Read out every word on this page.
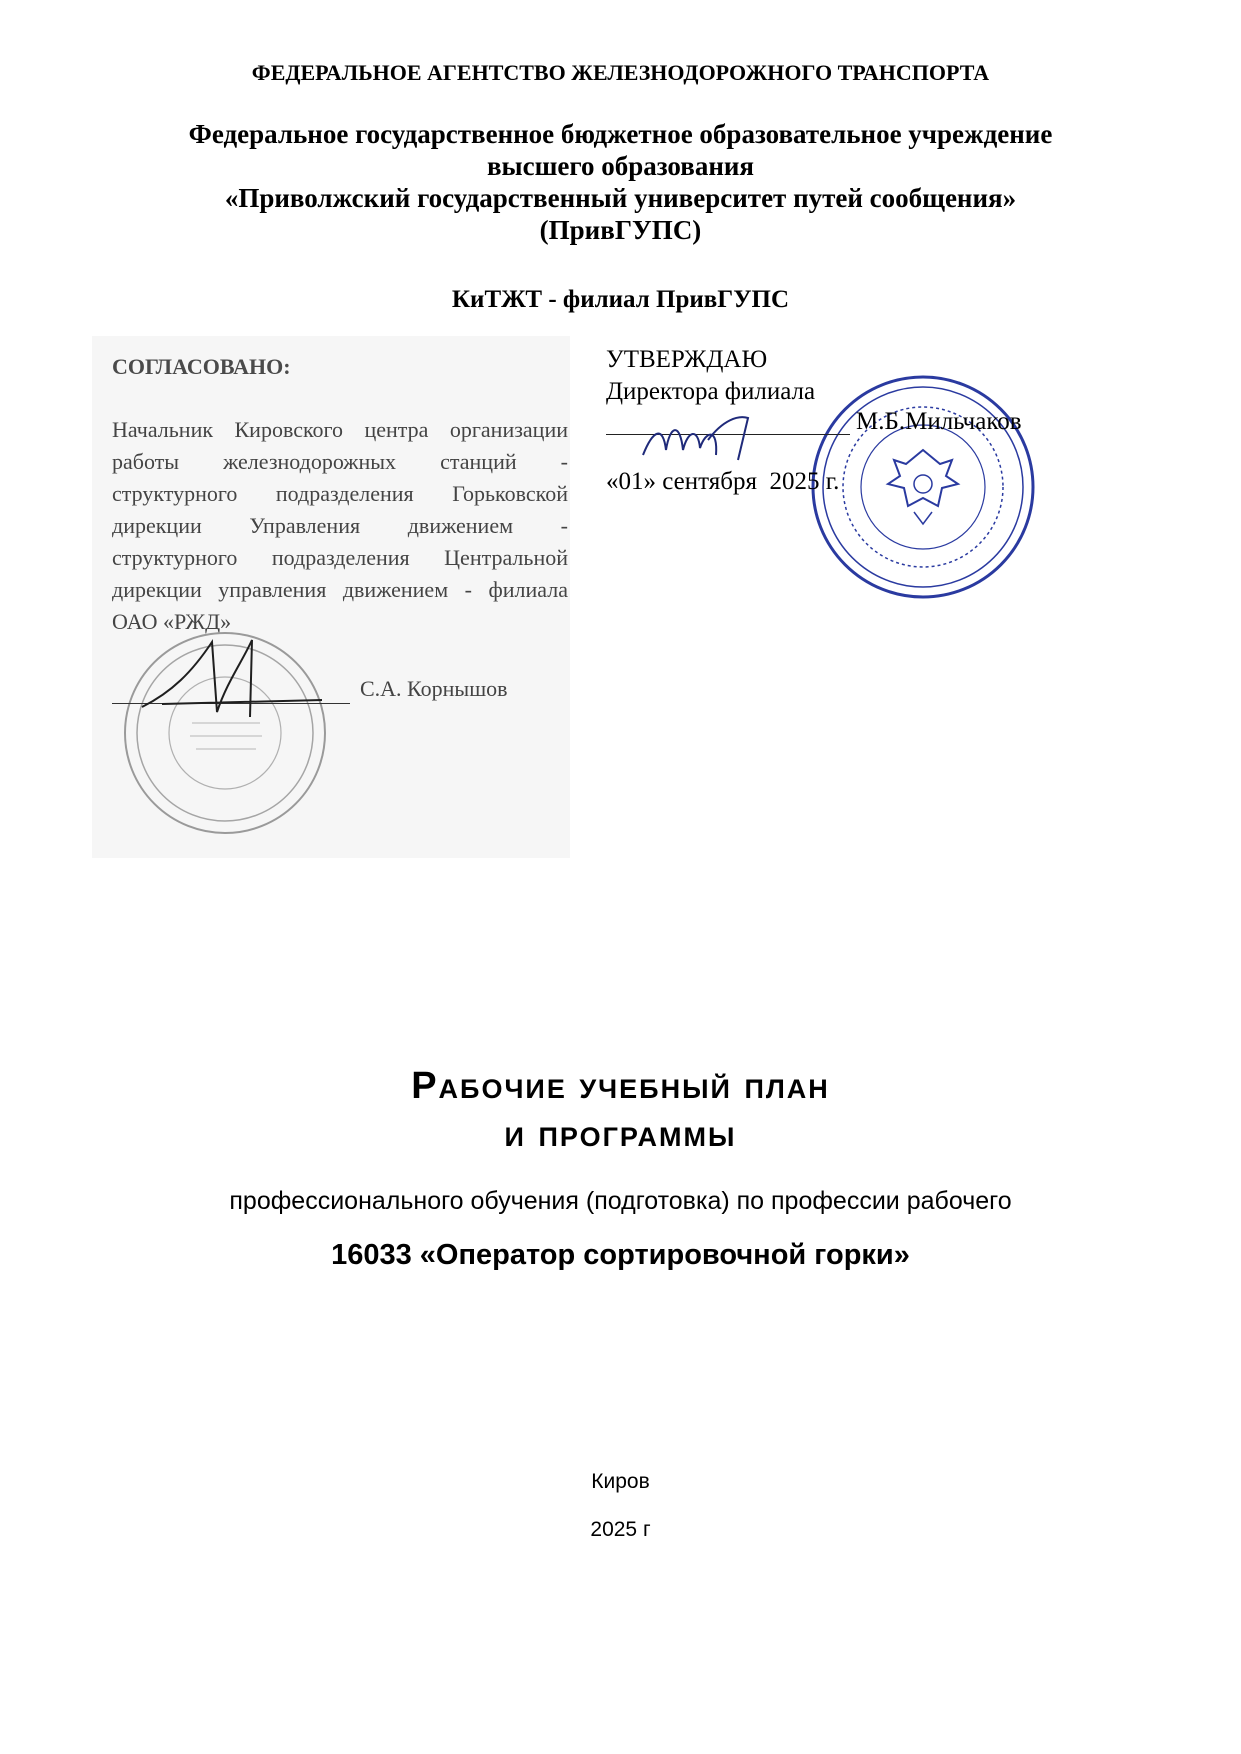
ФЕДЕРАЛЬНОЕ АГЕНТСТВО ЖЕЛЕЗНОДОРОЖНОГО ТРАНСПОРТА
Федеральное государственное бюджетное образовательное учреждение
высшего образования
«Приволжский государственный университет путей сообщения»
(ПривГУПС)
КиТЖТ - филиал ПривГУПС
СОГЛАСОВАНО:
Начальник Кировского центра организации работы железнодорожных станций - структурного подразделения Горьковской дирекции Управления движением - структурного подразделения Центральной дирекции управления движением - филиала ОАО «РЖД»
С.А. Корнышов
УТВЕРЖДАЮ
Директора филиала
М.Б.Мильчаков
«01» сентября  2025 г.
Рабочие учебный план
и программы
профессионального обучения (подготовка) по профессии рабочего
16033 «Оператор сортировочной горки»
Киров
2025 г
